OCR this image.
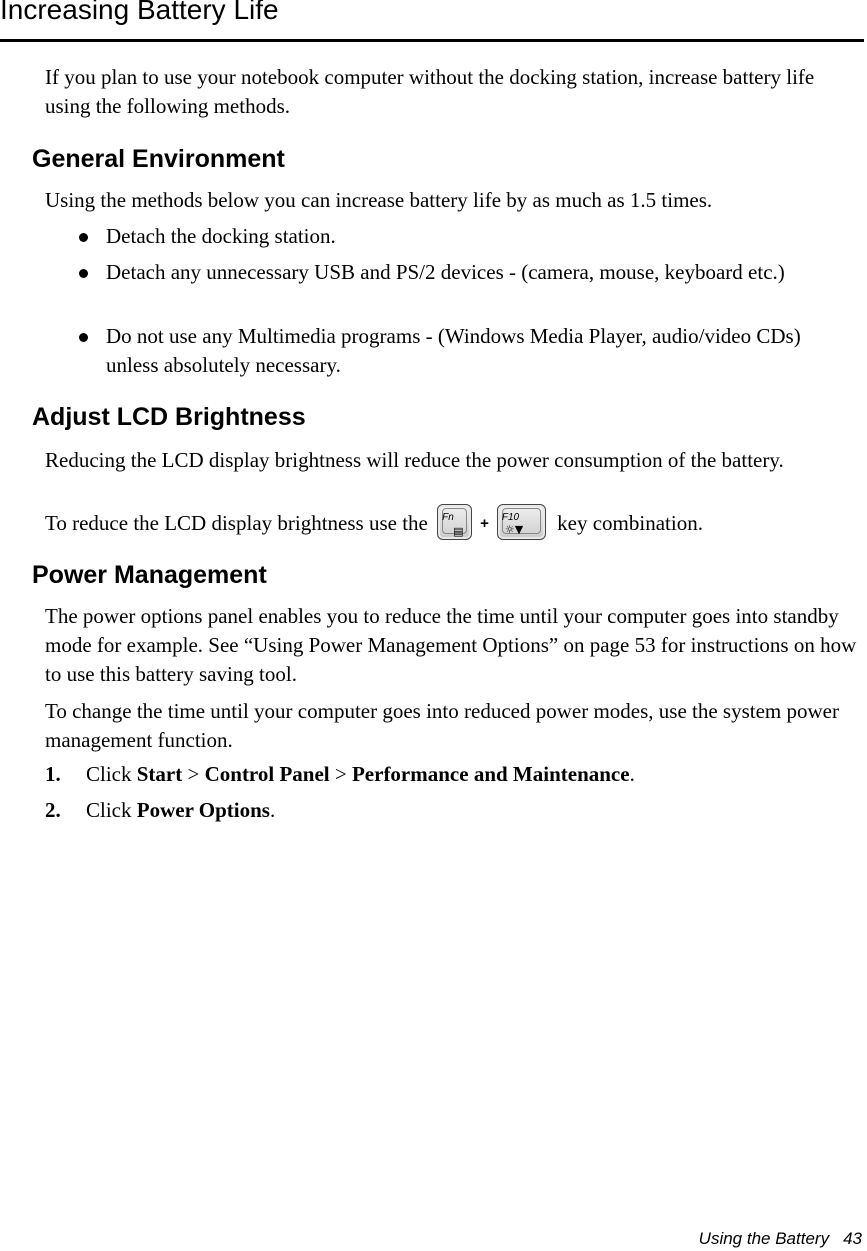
Increasing Battery Life

If you plan to use your notebook computer without the docking station, increase battery life using the following methods.

General Environment

Using the methods below you can increase battery life by as much as 1.5 times.

Detach the docking station.

Detach any unnecessary USB and PS/2 devices - (camera, mouse, keyboard etc.)

Do not use any Multimedia programs - (Windows Media Player, audio/video CDs) unless absolutely necessary.

Adjust LCD Brightness

Reducing the LCD display brightness will reduce the power consumption of the battery.

To reduce the LCD display brightness use the Fn
▤ + F10
☼▼ key combination.

Power Management

The power options panel enables you to reduce the time until your computer goes into standby mode for example. See “Using Power Management Options” on page 53 for instructions on how to use this battery saving tool.

To change the time until your computer goes into reduced power modes, use the system power management function.

1. Click Start > Control Panel > Performance and Maintenance.
2. Click Power Options.
Using the Battery 43
